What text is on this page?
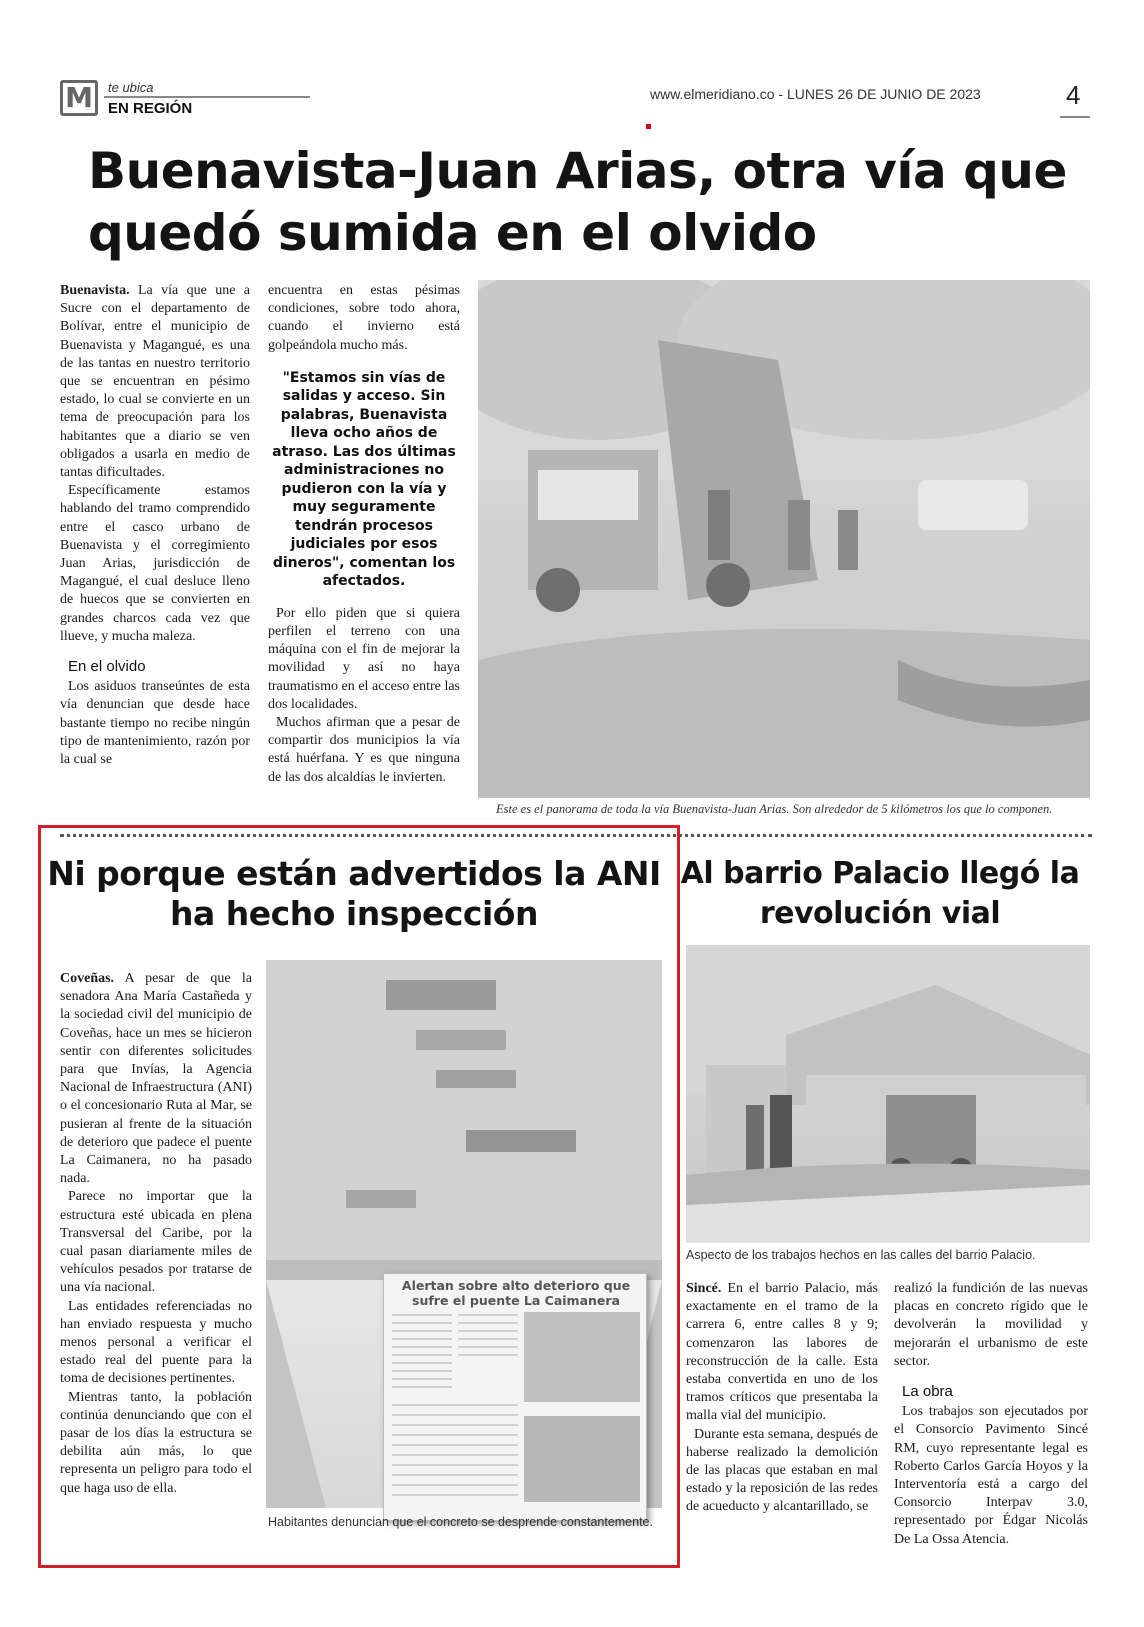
M	te ubica
EN REGIÓN
www.elmeridiano.co - LUNES 26 DE JUNIO DE 2023	4
Buenavista-Juan Arias, otra vía que quedó sumida en el olvido

Buenavista. La vía que une a Sucre con el departamento de Bolívar, entre el municipio de Buenavista y Magangué, es una de las tantas en nuestro territorio que se encuentran en pésimo estado, lo cual se convierte en un tema de preocupación para los habitantes que a diario se ven obligados a usarla en medio de tantas dificultades.

Específicamente estamos hablando del tramo comprendido entre el casco urbano de Buenavista y el corregimiento Juan Arias, jurisdicción de Magangué, el cual desluce lleno de huecos que se convierten en grandes charcos cada vez que llueve, y mucha maleza.

En el olvido

Los asiduos transeúntes de esta vía denuncian que desde hace bastante tiempo no recibe ningún tipo de mantenimiento, razón por la cual se

encuentra en estas pésimas condiciones, sobre todo ahora, cuando el invierno está golpeándola mucho más.

"Estamos sin vías de salidas y acceso. Sin palabras, Buenavista lleva ocho años de atraso. Las dos últimas administraciones no pudieron con la vía y muy seguramente tendrán procesos judiciales por esos dineros", comentan los afectados.

Por ello piden que si quiera perfilen el terreno con una máquina con el fin de mejorar la movilidad y así no haya traumatismo en el acceso entre las dos localidades.

Muchos afirman que a pesar de compartir dos municipios la vía está huérfana. Y es que ninguna de las dos alcaldías le invierten.

Este es el panorama de toda la vía Buenavista-Juan Arias. Son alrededor de 5 kilómetros los que lo componen.
Ni porque están advertidos la ANI ha hecho inspección

Coveñas. A pesar de que la senadora Ana María Castañeda y la sociedad civil del municipio de Coveñas, hace un mes se hicieron sentir con diferentes solicitudes para que Invías, la Agencia Nacional de Infraestructura (ANI) o el concesionario Ruta al Mar, se pusieran al frente de la situación de deterioro que padece el puente La Caimanera, no ha pasado nada.

Parece no importar que la estructura esté ubicada en plena Transversal del Caribe, por la cual pasan diariamente miles de vehículos pesados por tratarse de una vía nacional.

Las entidades referenciadas no han enviado respuesta y mucho menos personal a verificar el estado real del puente para la toma de decisiones pertinentes.

Mientras tanto, la población continúa denunciando que con el pasar de los días la estructura se debilita aún más, lo que representa un peligro para todo el que haga uso de ella.

Alertan sobre alto deterioro que sufre el puente La Caimanera
Habitantes denuncian que el concreto se desprende constantemente.
Al barrio Palacio llegó la revolución vial
Aspecto de los trabajos hechos en las calles del barrio Palacio.

Sincé. En el barrio Palacio, más exactamente en el tramo de la carrera 6, entre calles 8 y 9; comenzaron las labores de reconstrucción de la calle. Esta estaba convertida en uno de los tramos críticos que presentaba la malla vial del municipio.

Durante esta semana, después de haberse realizado la demolición de las placas que estaban en mal estado y la reposición de las redes de acueducto y alcantarillado, se

realizó la fundición de las nuevas placas en concreto rígido que le devolverán la movilidad y mejorarán el urbanismo de este sector.

La obra

Los trabajos son ejecutados por el Consorcio Pavimento Sincé RM, cuyo representante legal es Roberto Carlos García Hoyos y la Interventoría está a cargo del Consorcio Interpav 3.0, representado por Édgar Nicolás De La Ossa Atencia.
